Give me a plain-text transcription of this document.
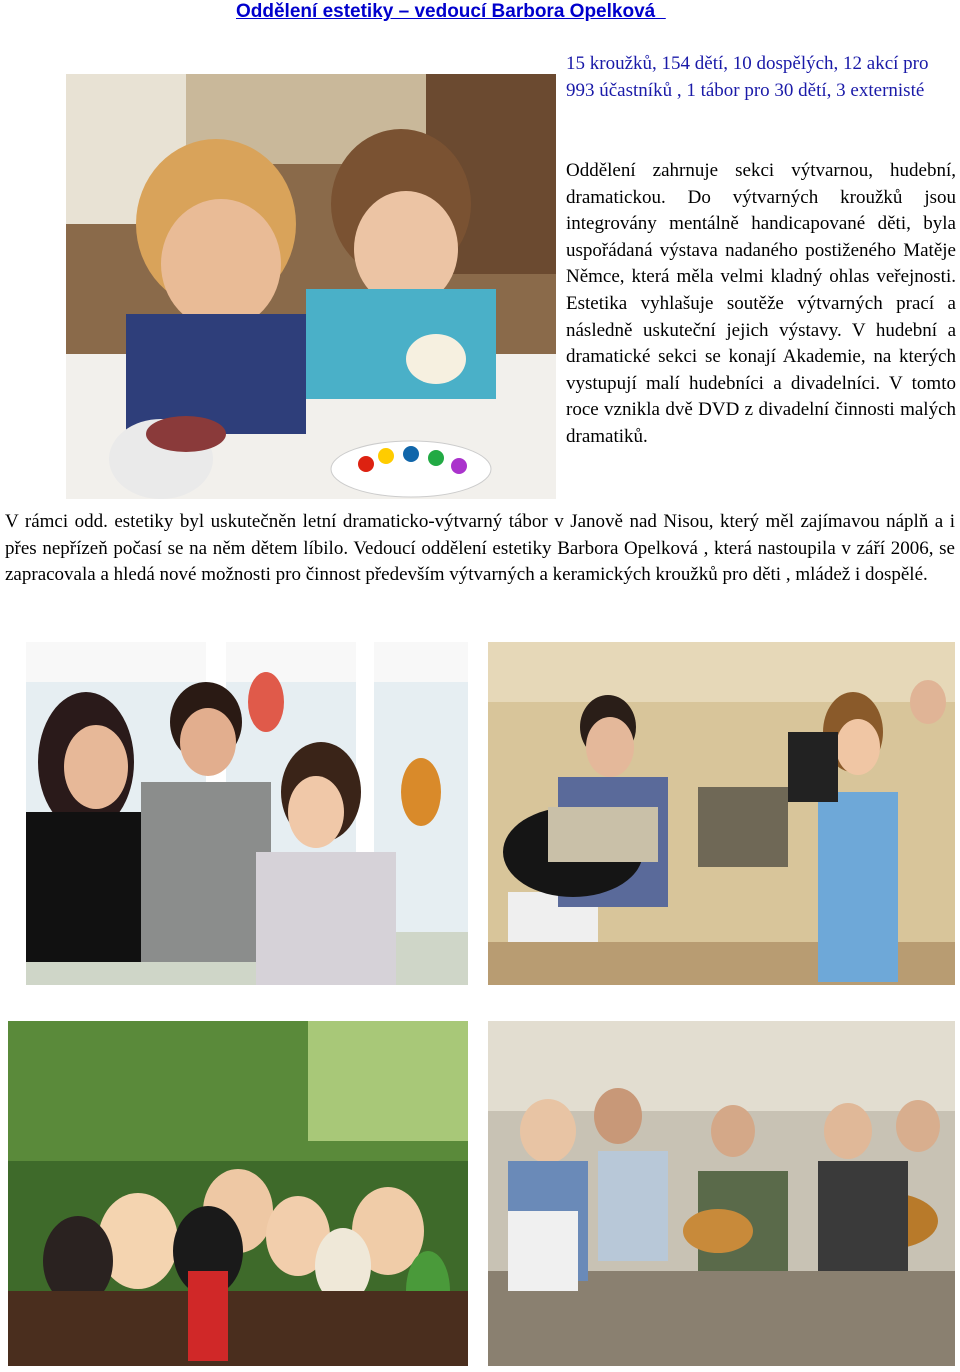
Oddělení estetiky – vedoucí Barbora Opelková

15 kroužků, 154 dětí, 10 dospělých, 12 akcí pro 993 účastníků , 1 tábor pro 30 dětí, 3 externisté

Oddělení zahrnuje sekci výtvarnou, hudební, dramatickou. Do výtvarných kroužků jsou integrovány mentálně handicapované děti, byla uspořádaná výstava nadaného postiženého Matěje Němce, která měla velmi kladný ohlas veřejnosti. Estetika vyhlašuje soutěže výtvarných prací a následně uskuteční jejich výstavy. V hudební a dramatické sekci se konají Akademie, na kterých vystupují malí hudebníci a divadelníci. V tomto roce vznikla dvě DVD z divadelní činnosti malých dramatiků.

V rámci odd. estetiky byl uskutečněn letní dramaticko-výtvarný tábor v Janově nad Nisou, který měl zajímavou náplň a i přes nepřízeň počasí se na něm dětem líbilo. Vedoucí oddělení estetiky Barbora Opelková , která nastoupila v září 2006, se zapracovala a hledá nové možnosti pro činnost především výtvarných a keramických kroužků pro děti , mládež i dospělé.
